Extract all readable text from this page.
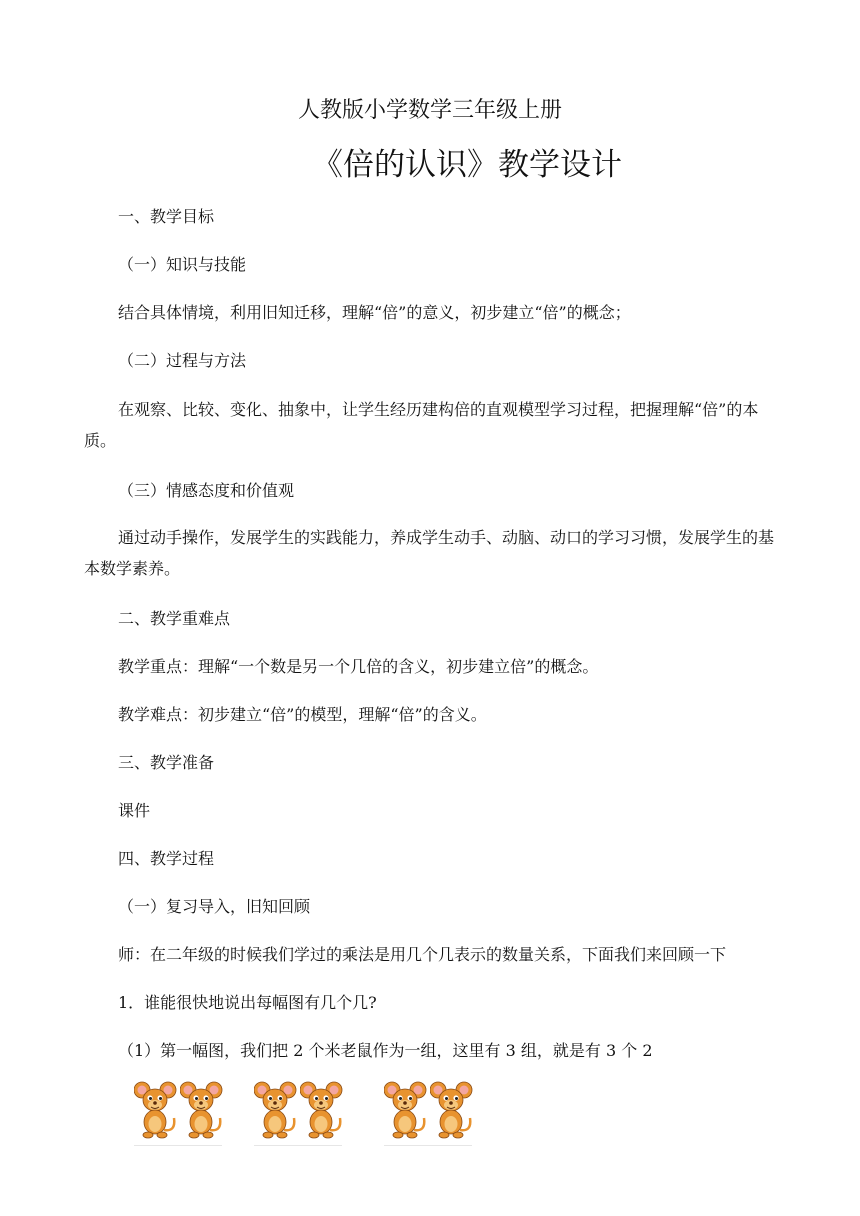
人教版小学数学三年级上册
《倍的认识》教学设计
一、教学目标
（一）知识与技能
结合具体情境，利用旧知迁移，理解“倍”的意义，初步建立“倍”的概念；
（二）过程与方法
在观察、比较、变化、抽象中，让学生经历建构倍的直观模型学习过程，把握理解“倍”的本质。
（三）情感态度和价值观
通过动手操作，发展学生的实践能力，养成学生动手、动脑、动口的学习习惯，发展学生的基本数学素养。
二、教学重难点
教学重点：理解“一个数是另一个几倍的含义，初步建立倍”的概念。
教学难点：初步建立“倍”的模型，理解“倍”的含义。
三、教学准备
课件
四、教学过程
（一）复习导入，旧知回顾
师：在二年级的时候我们学过的乘法是用几个几表示的数量关系，下面我们来回顾一下
1．谁能很快地说出每幅图有几个几?
（1）第一幅图，我们把 2 个米老鼠作为一组，这里有 3 组，就是有 3 个 2
